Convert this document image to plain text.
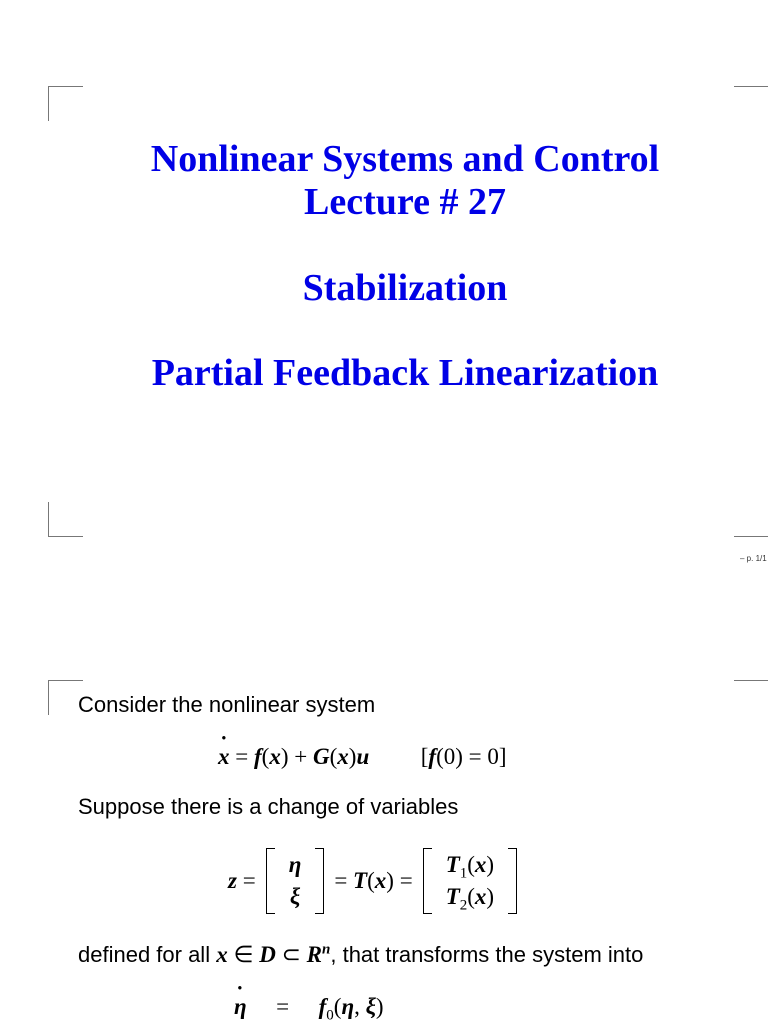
Nonlinear Systems and Control
Lecture # 27
Stabilization
Partial Feedback Linearization
– p. 1/1
Consider the nonlinear system
x ˙ = f(x) + G(x)u [f(0) = 0]
Suppose there is a change of variables
z =
η
ξ
= T(x) =
$T_1(x)$
$T_2(x)$
defined for all x ∈ D ⊂ $R^n$, that transforms the system into
η ˙ = $f_0(\eta$, ξ)
